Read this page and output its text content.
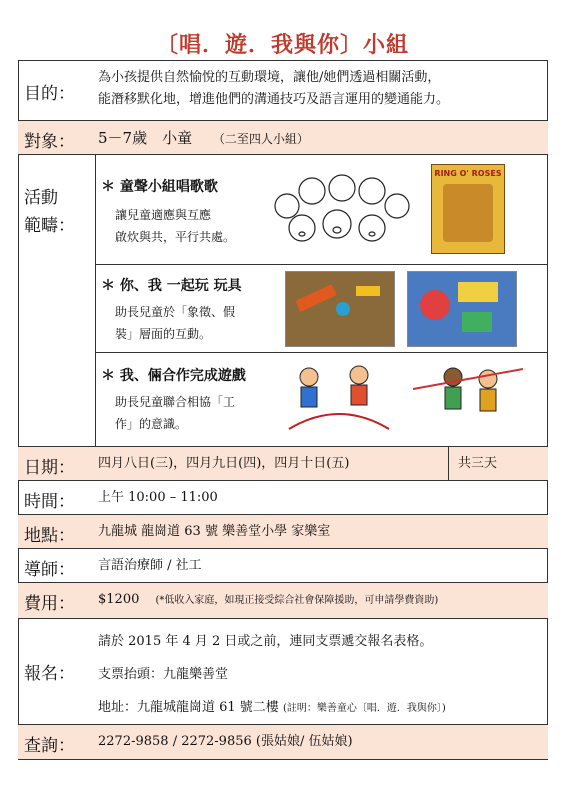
〔唱．遊．我與你〕小組
目的：
為小孩提供自然愉悅的互動環境，讓他/她們透過相關活動，
能潛移默化地，增進他們的溝通技巧及語言運用的變通能力。
對象：	5－7歲　小童 （二至四人小組）
活動
範疇：
＊ 童聲小組唱歌歌
讓兒童適應與互應
啟炊與共，平行共處。
RING O' ROSES
＊ 你、我 一起玩 玩具
助長兒童於「象徵、假
裝」層面的互動。
＊ 我、倆合作完成遊戲
助長兒童聯合相協「工
作」的意識。
日期：	四月八日(三)，四月九日(四)，四月十日(五)	共三天
時間：	上午 10:00 – 11:00
地點：	九龍城 龍崗道 63 號 樂善堂小學 家樂室
導師：	言語治療師 / 社工
費用：	$1200 (*低收入家庭，如現正接受綜合社會保障援助，可申請學費資助)
報名：
請於 2015 年 4 月 2 日或之前，連同支票遞交報名表格。
支票抬頭：九龍樂善堂
地址：九龍城龍崗道 61 號二樓 (註明：樂善童心〔唱．遊．我與你〕)
查詢：	2272-9858 / 2272-9856 (張姑娘/ 伍姑娘)
